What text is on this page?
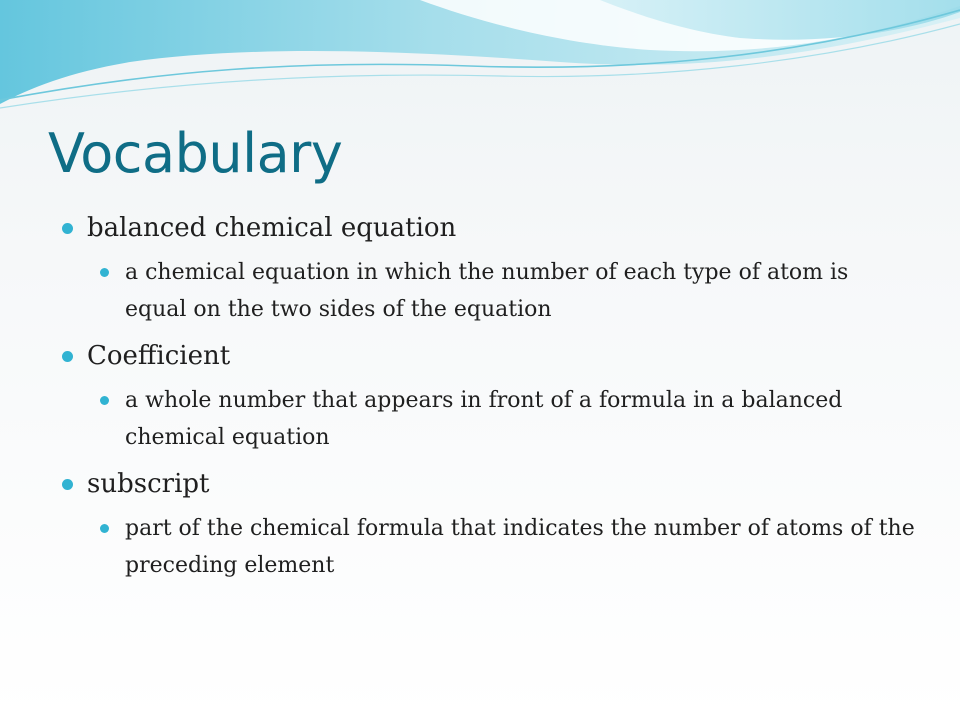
Vocabulary
balanced chemical equation
a chemical equation in which the number of each type of atom is equal on the two sides of the equation
Coefficient
a whole number that appears in front of a formula in a balanced chemical equation
subscript
part of the chemical formula that indicates the number of atoms of the preceding element
